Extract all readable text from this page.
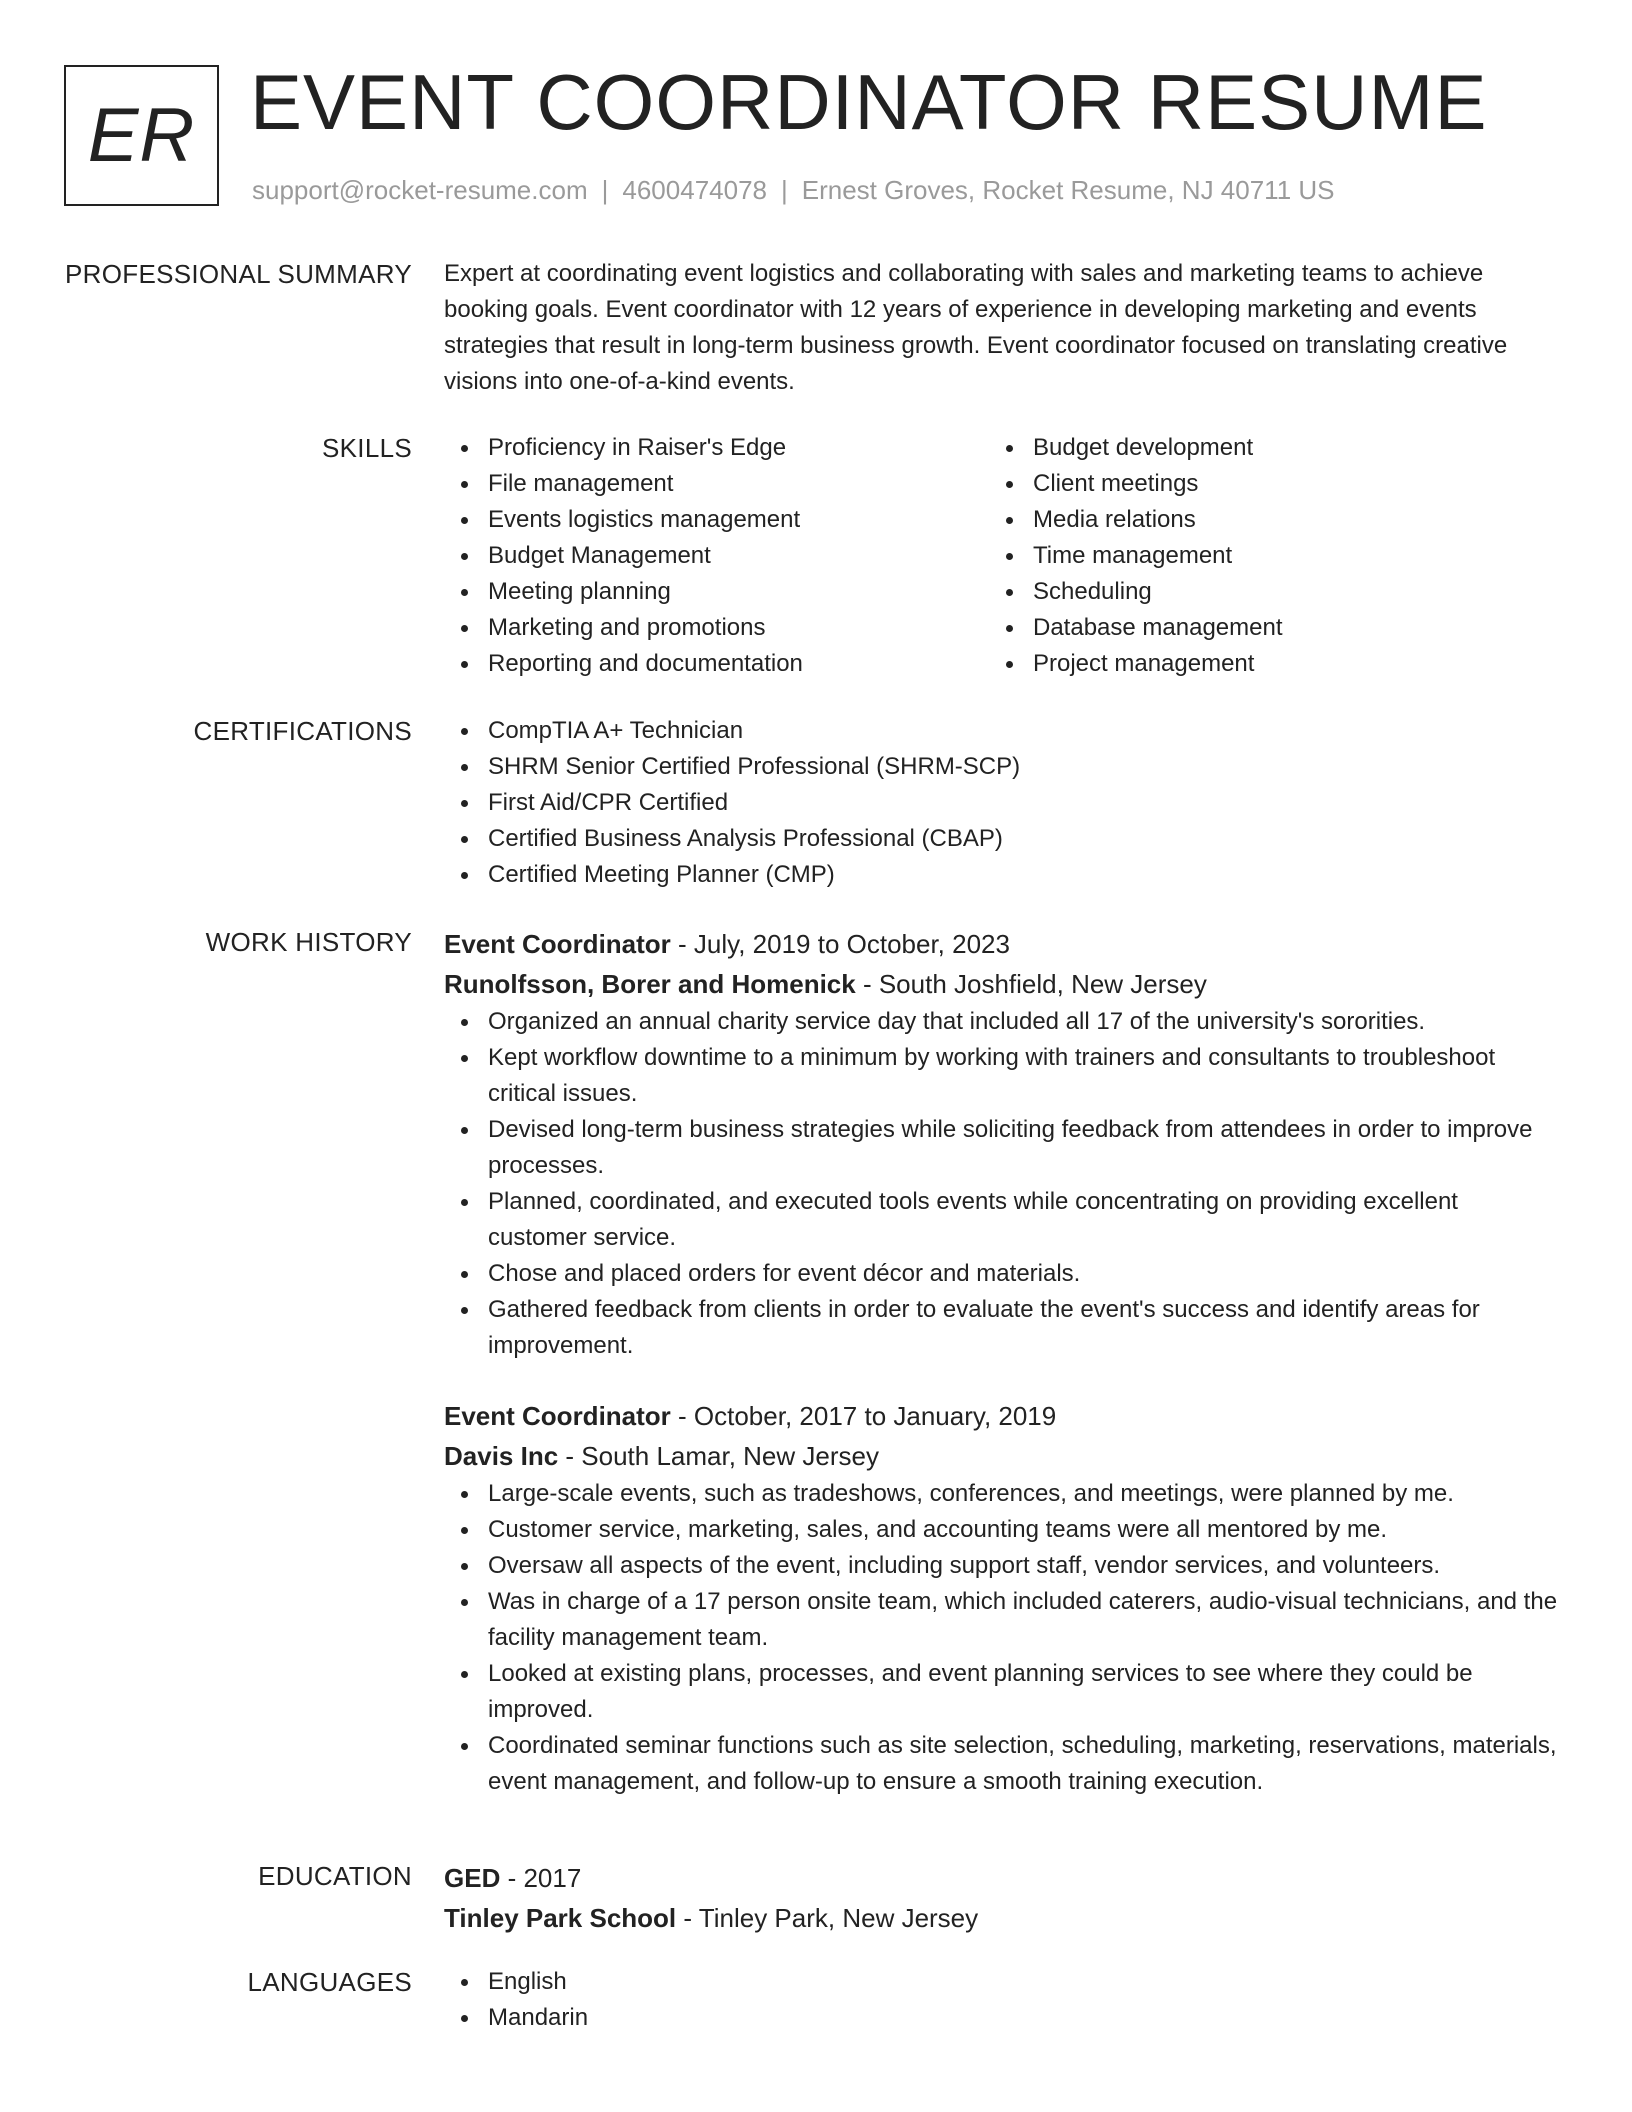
ER EVENT COORDINATOR RESUME
support@rocket-resume.com | 4600474078 | Ernest Groves, Rocket Resume, NJ 40711 US
PROFESSIONAL SUMMARY Expert at coordinating event logistics and collaborating with sales and marketing teams to achieve booking goals. Event coordinator with 12 years of experience in developing marketing and events strategies that result in long-term business growth. Event coordinator focused on translating creative visions into one-of-a-kind events.

SKILLS	Proficiency in Raiser's Edge
File management
Events logistics management
Budget Management
Meeting planning
Marketing and promotions
Reporting and documentation
Budget development
Client meetings
Media relations
Time management
Scheduling
Database management
Project management
CERTIFICATIONS	CompTIA A+ Technician
SHRM Senior Certified Professional (SHRM-SCP)
First Aid/CPR Certified
Certified Business Analysis Professional (CBAP)
Certified Meeting Planner (CMP)
WORK HISTORY Event Coordinator - July, 2019 to October, 2023
Runolfsson, Borer and Homenick - South Joshfield, New Jersey
Organized an annual charity service day that included all 17 of the university's sororities.
Kept workflow downtime to a minimum by working with trainers and consultants to troubleshoot critical issues.
Devised long-term business strategies while soliciting feedback from attendees in order to improve processes.
Planned, coordinated, and executed tools events while concentrating on providing excellent customer service.
Chose and placed orders for event décor and materials.
Gathered feedback from clients in order to evaluate the event's success and identify areas for improvement.
Event Coordinator - October, 2017 to January, 2019
Davis Inc - South Lamar, New Jersey
Large-scale events, such as tradeshows, conferences, and meetings, were planned by me.
Customer service, marketing, sales, and accounting teams were all mentored by me.
Oversaw all aspects of the event, including support staff, vendor services, and volunteers.
Was in charge of a 17 person onsite team, which included caterers, audio-visual technicians, and the facility management team.
Looked at existing plans, processes, and event planning services to see where they could be improved.
Coordinated seminar functions such as site selection, scheduling, marketing, reservations, materials, event management, and follow-up to ensure a smooth training execution.
EDUCATION GED - 2017
Tinley Park School - Tinley Park, New Jersey
LANGUAGES	English
Mandarin
